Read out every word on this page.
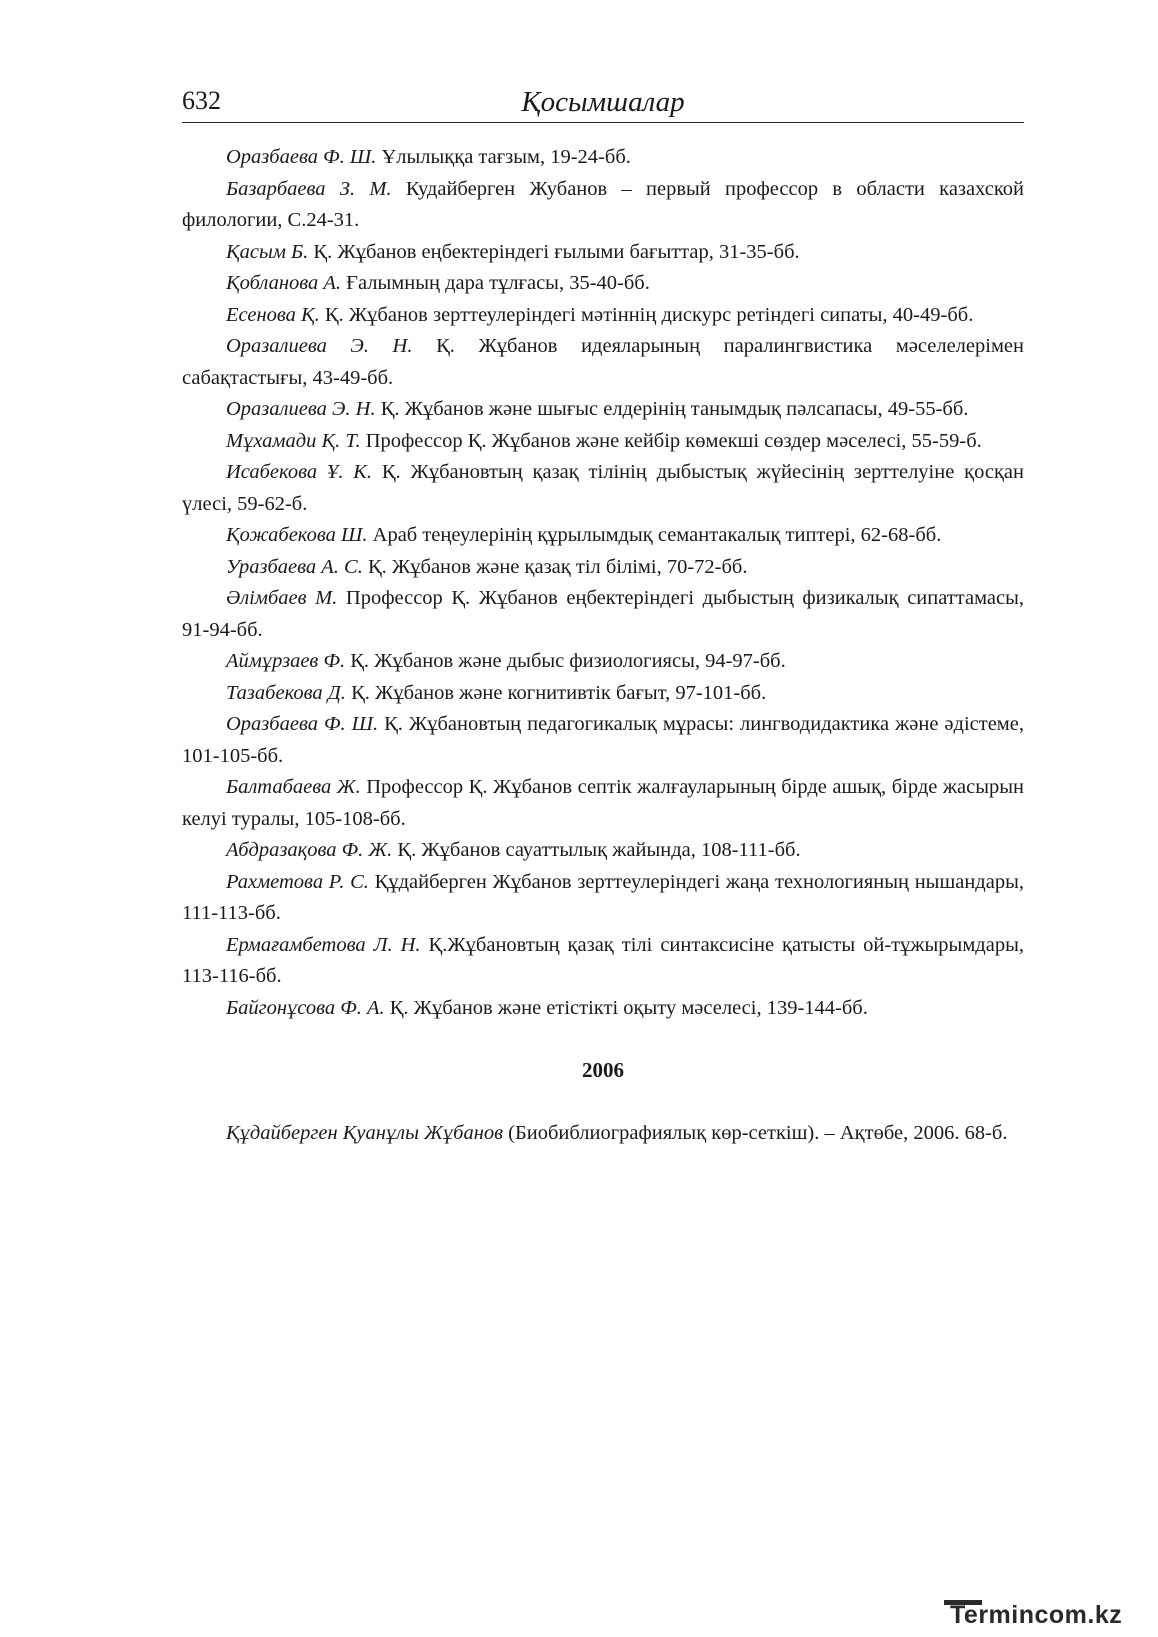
632	Қосымшалар

Оразбаева Ф. Ш. Ұлылыққа тағзым, 19-24-бб.

Базарбаева З. М. Кудайберген Жубанов – первый профессор в области казахской филологии, С.24-31.

Қасым Б. Қ. Жұбанов еңбектеріндегі ғылыми бағыттар, 31-35-бб.

Қобланова А. Ғалымның дара тұлғасы, 35-40-бб.

Есенова Қ. Қ. Жұбанов зерттеулеріндегі мәтіннің дискурс ретіндегі сипаты, 40-49-бб.

Оразалиева Э. Н. Қ. Жұбанов идеяларының паралингвистика мәселелерімен сабақтастығы, 43-49-бб.

Оразалиева Э. Н. Қ. Жұбанов және шығыс елдерінің танымдық пәлсапасы, 49-55-бб.

Мұхамади Қ. Т. Профессор Қ. Жұбанов және кейбір көмекші сөздер мәселесі, 55-59-б.

Исабекова Ұ. К. Қ. Жұбановтың қазақ тілінің дыбыстық жүйесінің зерттелуіне қосқан үлесі, 59-62-б.

Қожабекова Ш. Араб теңеулерінің құрылымдық семантакалық типтері, 62-68-бб.

Уразбаева А. С. Қ. Жұбанов және қазақ тіл білімі, 70-72-бб.

Әлімбаев М. Профессор Қ. Жұбанов еңбектеріндегі дыбыстың физикалық сипаттамасы, 91-94-бб.

Аймұрзаев Ф. Қ. Жұбанов және дыбыс физиологиясы, 94-97-бб.

Тазабекова Д. Қ. Жұбанов және когнитивтік бағыт, 97-101-бб.

Оразбаева Ф. Ш. Қ. Жұбановтың педагогикалық мұрасы: лингводидактика және әдістеме, 101-105-бб.

Балтабаева Ж. Профессор Қ. Жұбанов септік жалғауларының бірде ашық, бірде жасырын келуі туралы, 105-108-бб.

Абдразақова Ф. Ж. Қ. Жұбанов сауаттылық жайында, 108-111-бб.

Рахметова Р. С. Құдайберген Жұбанов зерттеулеріндегі жаңа технологияның нышандары, 111-113-бб.

Ермағамбетова Л. Н. Қ.Жұбановтың қазақ тілі синтаксисіне қатысты ой-тұжырымдары, 113-116-бб.

Байгонұсова Ф. А. Қ. Жұбанов және етістікті оқыту мәселесі, 139-144-бб.

2006

Құдайберген Қуанұлы Жұбанов (Биобиблиографиялық көр-сеткіш). – Ақтөбе, 2006. 68-б.

Termincom.kz
